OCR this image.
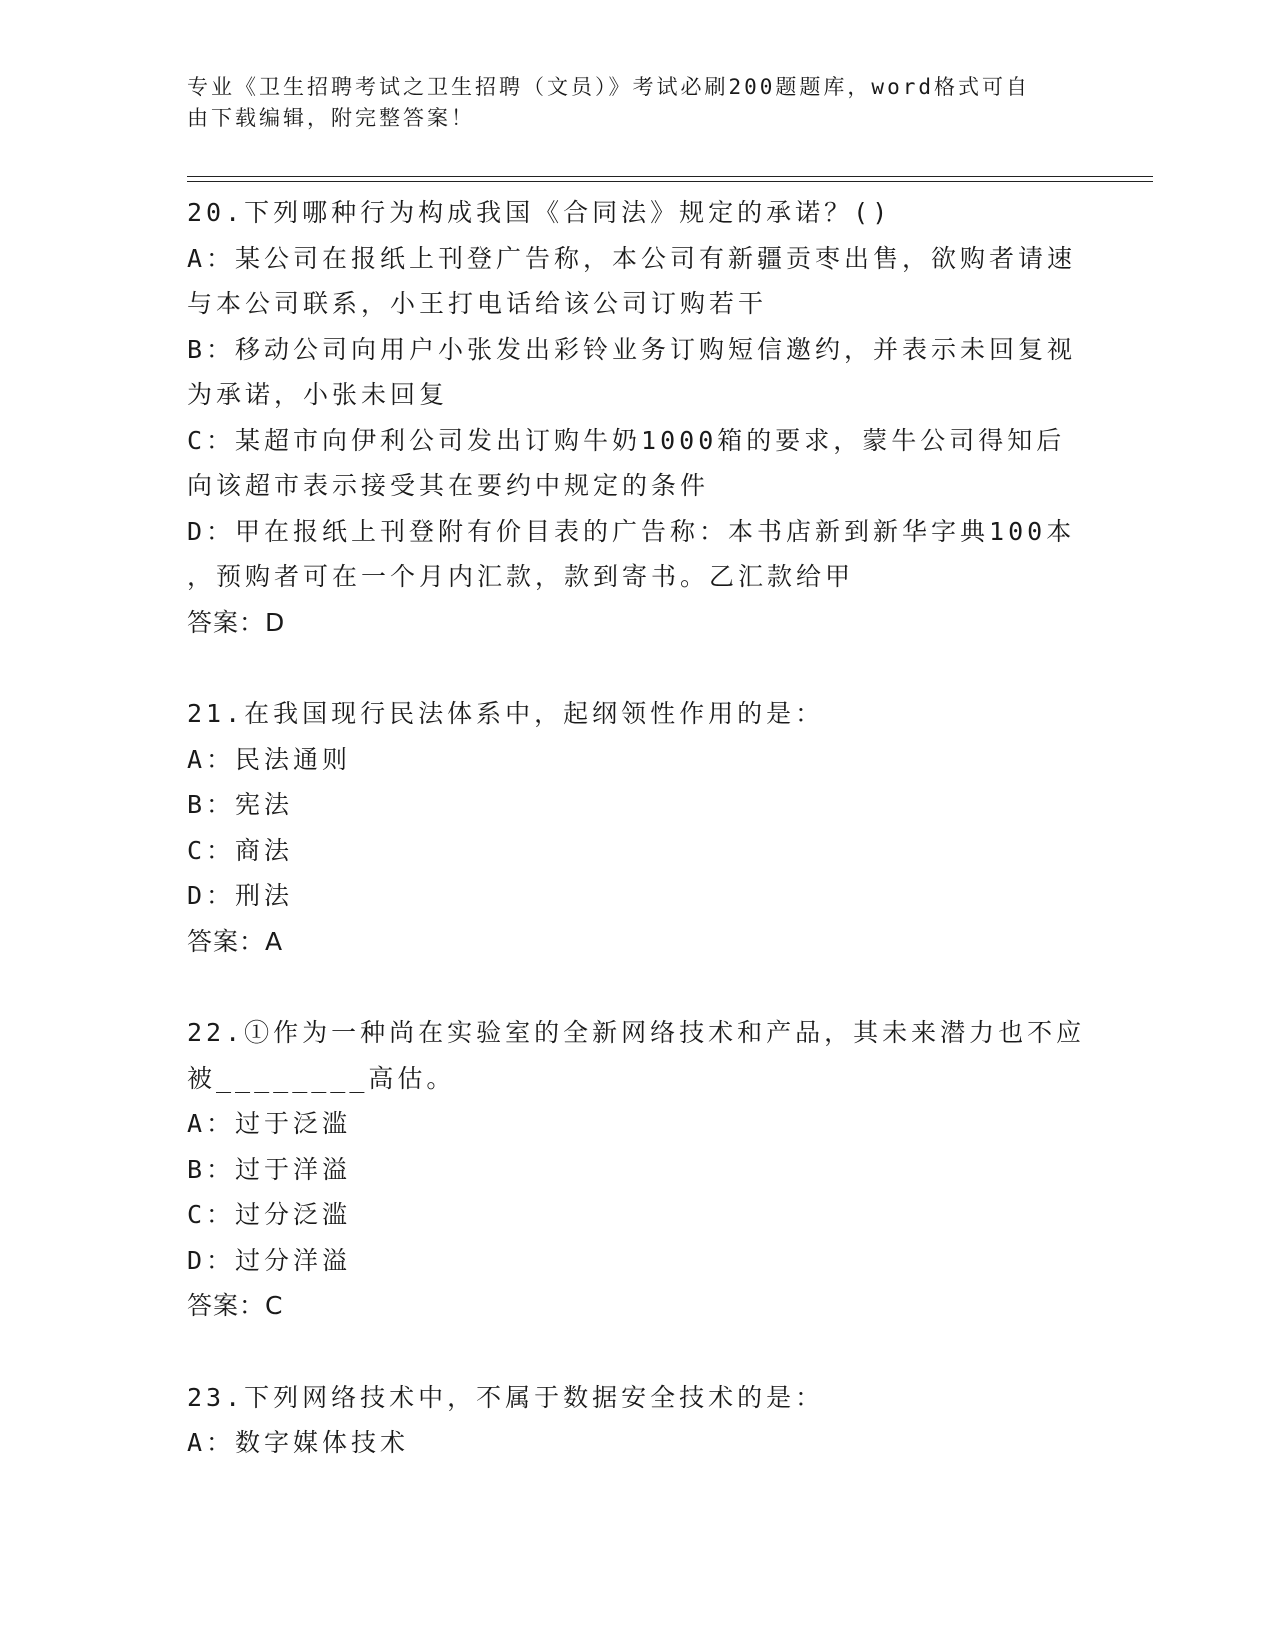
专业《卫生招聘考试之卫生招聘（文员）》考试必刷200题题库，word格式可自
由下载编辑，附完整答案！
20.下列哪种行为构成我国《合同法》规定的承诺？()
A：某公司在报纸上刊登广告称，本公司有新疆贡枣出售，欲购者请速
与本公司联系，小王打电话给该公司订购若干
B：移动公司向用户小张发出彩铃业务订购短信邀约，并表示未回复视
为承诺，小张未回复
C：某超市向伊利公司发出订购牛奶1000箱的要求，蒙牛公司得知后
向该超市表示接受其在要约中规定的条件
D：甲在报纸上刊登附有价目表的广告称：本书店新到新华字典100本
，预购者可在一个月内汇款，款到寄书。乙汇款给甲
答案：D
21.在我国现行民法体系中，起纲领性作用的是：
A：民法通则
B：宪法
C：商法
D：刑法
答案：A
22.①作为一种尚在实验室的全新网络技术和产品，其未来潜力也不应
被________高估。
A：过于泛滥
B：过于洋溢
C：过分泛滥
D：过分洋溢
答案：C
23.下列网络技术中，不属于数据安全技术的是：
A：数字媒体技术
